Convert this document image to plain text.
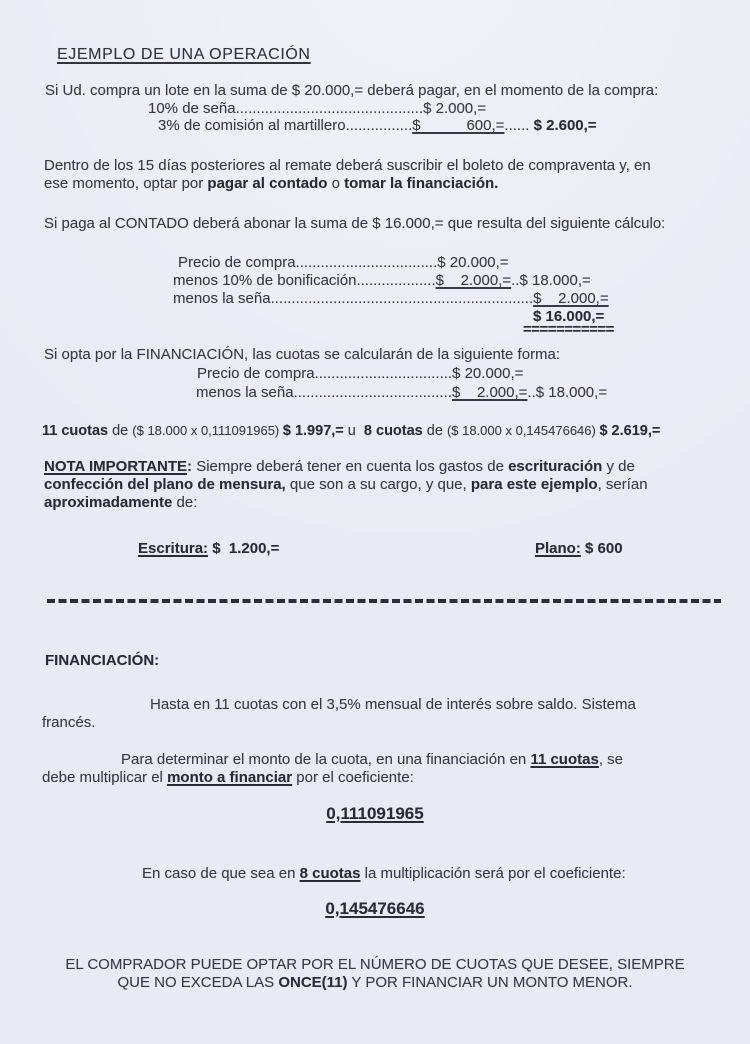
EJEMPLO DE UNA OPERACIÓN
Si Ud. compra un lote en la suma de $ 20.000,= deberá pagar, en el momento de la compra:
10% de seña.............................................$ 2.000,=
3% de comisión al martillero................$           600,=...... $ 2.600,=
Dentro de los 15 días posteriores al remate deberá suscribir el boleto de compraventa y, en
ese momento, optar por pagar al contado o tomar la financiación.
Si paga al CONTADO deberá abonar la suma de $ 16.000,= que resulta del siguiente cálculo:
Precio de compra..................................$ 20.000,=
menos 10% de bonificación...................$    2.000,=..$ 18.000,=
menos la seña...............................................................$    2.000,=
$ 16.000,=
===========
Si opta por la FINANCIACIÓN, las cuotas se calcularán de la siguiente forma:
Precio de compra.................................$ 20.000,=
menos la seña......................................$    2.000,=..$ 18.000,=
11 cuotas de ($ 18.000 x 0,111091965) $ 1.997,= u  8 cuotas de ($ 18.000 x 0,145476646) $ 2.619,=
NOTA IMPORTANTE: Siempre deberá tener en cuenta los gastos de escrituración y de
confección del plano de mensura, que son a su cargo, y que, para este ejemplo, serían
aproximadamente de:
Escritura: $  1.200,=	Plano: $ 600
FINANCIACIÓN:
Hasta en 11 cuotas con el 3,5% mensual de interés sobre saldo. Sistema
francés.
Para determinar el monto de la cuota, en una financiación en 11 cuotas, se
debe multiplicar el monto a financiar por el coeficiente:
0,111091965
En caso de que sea en 8 cuotas la multiplicación será por el coeficiente:
0,145476646
EL COMPRADOR PUEDE OPTAR POR EL NÚMERO DE CUOTAS QUE DESEE, SIEMPRE
QUE NO EXCEDA LAS ONCE(11) Y POR FINANCIAR UN MONTO MENOR.
